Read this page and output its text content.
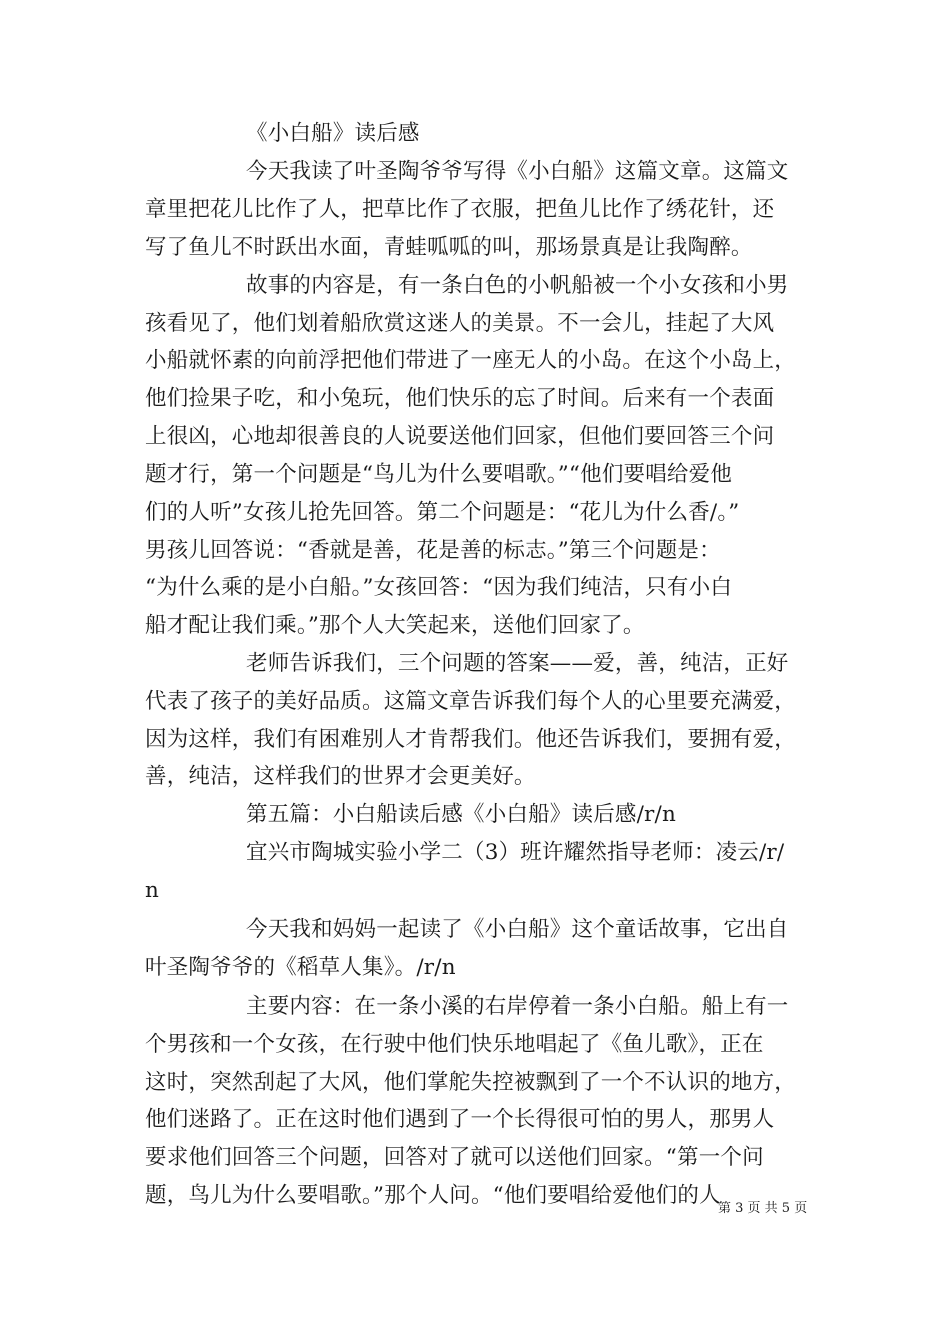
《小白船》读后感
今天我读了叶圣陶爷爷写得《小白船》这篇文章。这篇文
章里把花儿比作了人，把草比作了衣服，把鱼儿比作了绣花针，还
写了鱼儿不时跃出水面，青蛙呱呱的叫，那场景真是让我陶醉。
故事的内容是，有一条白色的小帆船被一个小女孩和小男
孩看见了，他们划着船欣赏这迷人的美景。不一会儿，挂起了大风
小船就怀素的向前浮把他们带进了一座无人的小岛。在这个小岛上，
他们捡果子吃，和小兔玩，他们快乐的忘了时间。后来有一个表面
上很凶，心地却很善良的人说要送他们回家，但他们要回答三个问
题才行，第一个问题是“鸟儿为什么要唱歌。”“他们要唱给爱他
们的人听”女孩儿抢先回答。第二个问题是：“花儿为什么香/。”
男孩儿回答说：“香就是善，花是善的标志。”第三个问题是：
“为什么乘的是小白船。”女孩回答：“因为我们纯洁，只有小白
船才配让我们乘。”那个人大笑起来，送他们回家了。
老师告诉我们，三个问题的答案——爱，善，纯洁，正好
代表了孩子的美好品质。这篇文章告诉我们每个人的心里要充满爱，
因为这样，我们有困难别人才肯帮我们。他还告诉我们，要拥有爱，
善，纯洁，这样我们的世界才会更美好。
第五篇：小白船读后感《小白船》读后感/r/n
宜兴市陶城实验小学二（3）班许耀然指导老师：凌云/r/
n
今天我和妈妈一起读了《小白船》这个童话故事，它出自
叶圣陶爷爷的《稻草人集》。/r/n
主要内容：在一条小溪的右岸停着一条小白船。船上有一
个男孩和一个女孩，在行驶中他们快乐地唱起了《鱼儿歌》，正在
这时，突然刮起了大风，他们掌舵失控被飘到了一个不认识的地方，
他们迷路了。正在这时他们遇到了一个长得很可怕的男人，那男人
要求他们回答三个问题，回答对了就可以送他们回家。“第一个问
题，鸟儿为什么要唱歌。”那个人问。“他们要唱给爱他们的人
第 3 页 共 5 页
